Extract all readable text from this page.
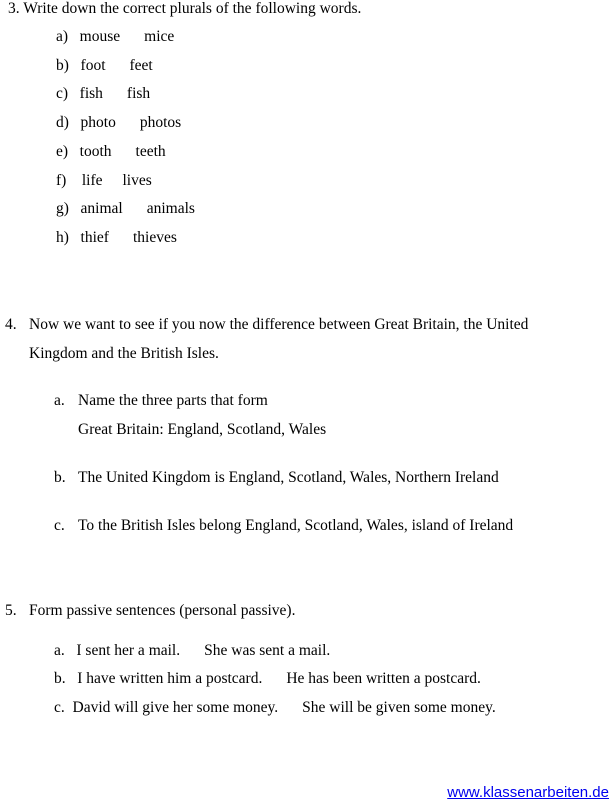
3. Write down the correct plurals of the following words.
a) mouse mice
b) foot feet
c) fish fish
d) photo photos
e) tooth teeth
f) life lives
g) animal animals
h) thief thieves
4. Now we want to see if you now the difference between Great Britain, the United
Kingdom and the British Isles.
a. Name the three parts that form
Great Britain: England, Scotland, Wales
b. The United Kingdom is England, Scotland, Wales, Northern Ireland
c. To the British Isles belong England, Scotland, Wales, island of Ireland
5. Form passive sentences (personal passive).
a. I sent her a mail. She was sent a mail.
b. I have written him a postcard. He has been written a postcard.
c. David will give her some money. She will be given some money.
www.klassenarbeiten.de
